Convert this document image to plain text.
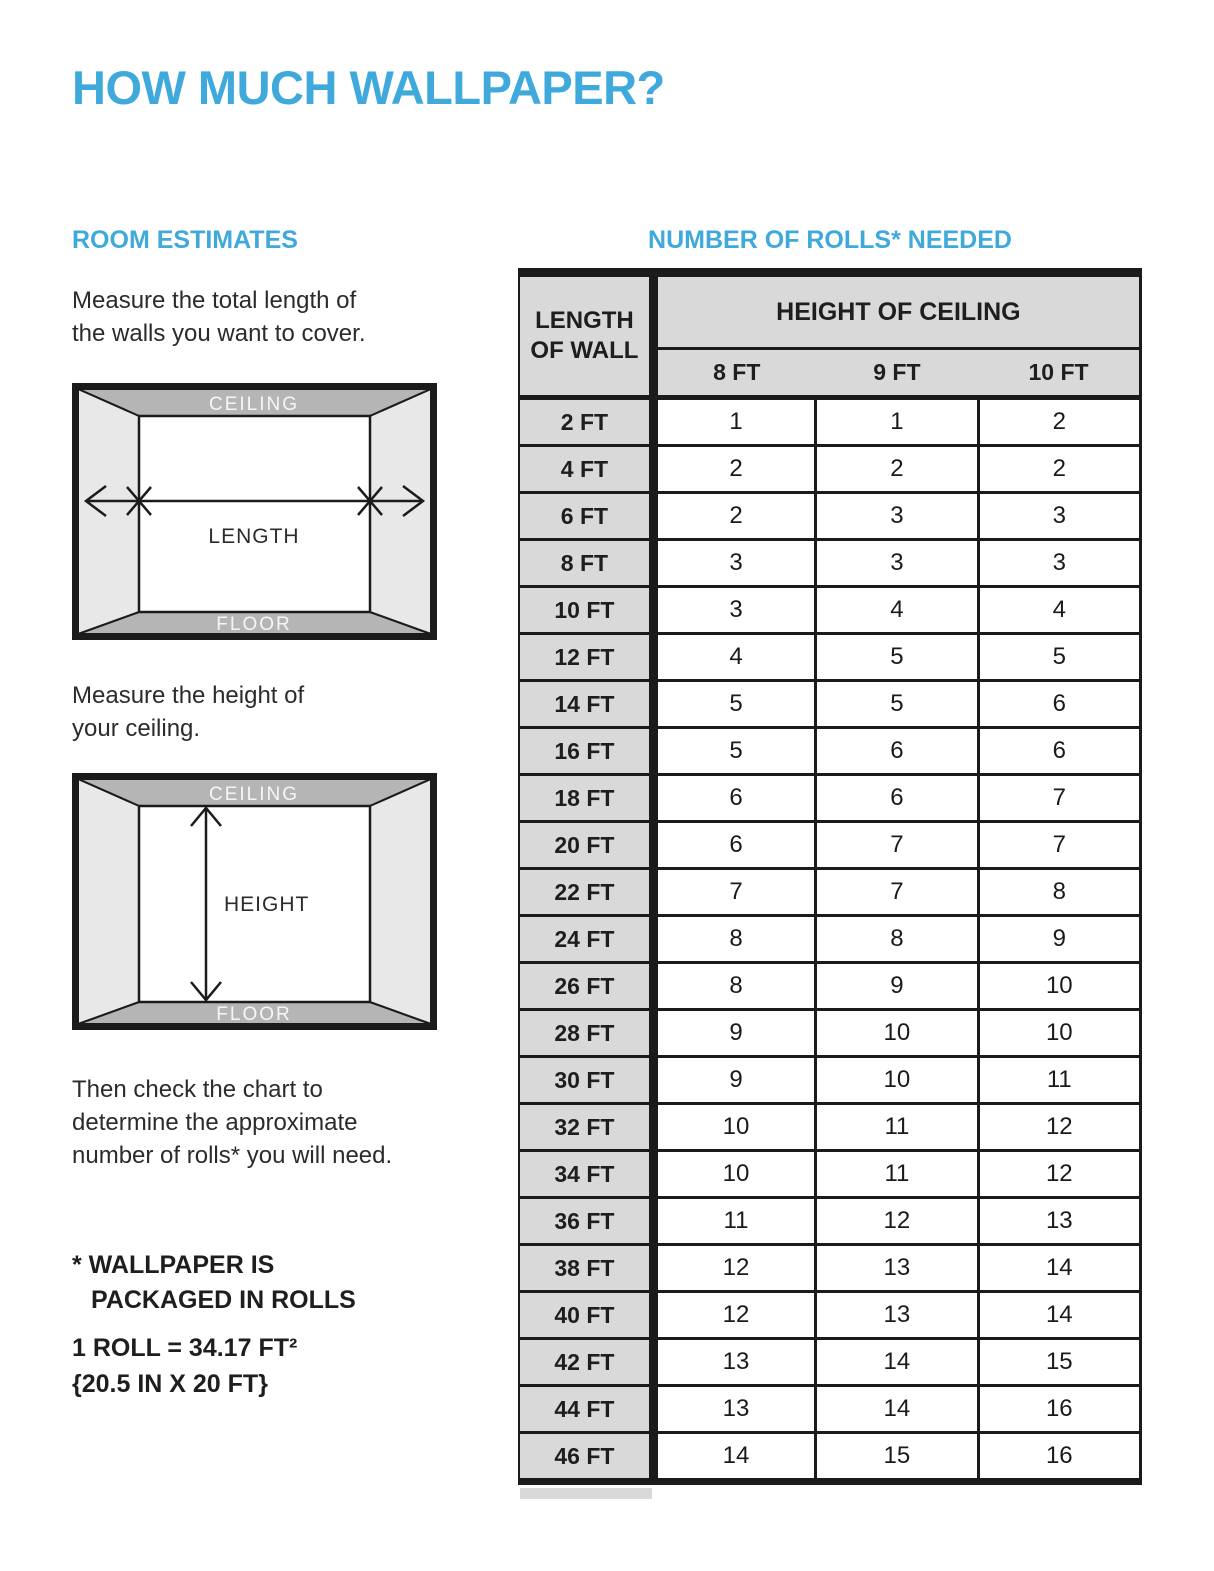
HOW MUCH WALLPAPER?
ROOM ESTIMATES	NUMBER OF ROLLS* NEEDED
Measure the total length of
the walls you want to cover.
CEILING
FLOOR
LENGTH
Measure the height of
your ceiling.
CEILING
FLOOR
HEIGHT
Then check the chart to
determine the approximate
number of rolls* you will need.
* WALLPAPER IS
PACKAGED IN ROLLS
1 ROLL = 34.17 FT²
{20.5 IN X 20 FT}
LENGTH
OF WALL	HEIGHT OF CEILING		
	8 FT	9 FT	10 FT
2 FT	1	1	2
4 FT	2	2	2
6 FT	2	3	3
8 FT	3	3	3
10 FT	3	4	4
12 FT	4	5	5
14 FT	5	5	6
16 FT	5	6	6
18 FT	6	6	7
20 FT	6	7	7
22 FT	7	7	8
24 FT	8	8	9
26 FT	8	9	10
28 FT	9	10	10
30 FT	9	10	11
32 FT	10	11	12
34 FT	10	11	12
36 FT	11	12	13
38 FT	12	13	14
40 FT	12	13	14
42 FT	13	14	15
44 FT	13	14	16
46 FT	14	15	16
